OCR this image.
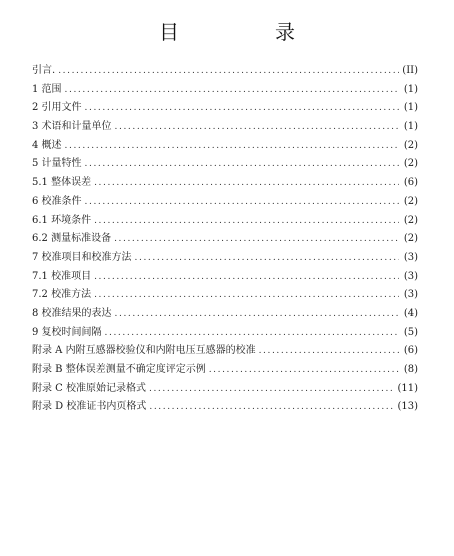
目　录
引言. .....	(II)
1 范围 .....	(1)
2 引用文件 .....	(1)
3 术语和计量单位 .....	(1)
4 概述 .....	(2)
5 计量特性 .....	(2)
5.1 整体误差 .....	(6)
6 校准条件 .....	(2)
6.1 环境条件 .....	(2)
6.2 测量标准设备 .....	(2)
7 校准项目和校准方法 .....	(3)
7.1 校准项目 .....	(3)
7.2 校准方法 .....	(3)
8 校准结果的表达 .....	(4)
9 复校时间间隔 .....	(5)
附录 A 内附互感器校验仪和内附电压互感器的校准 .....	(6)
附录 B 整体误差测量不确定度评定示例 .....	(8)
附录 C 校准原始记录格式 .....	(11)
附录 D 校准证书内页格式 .....	(13)
